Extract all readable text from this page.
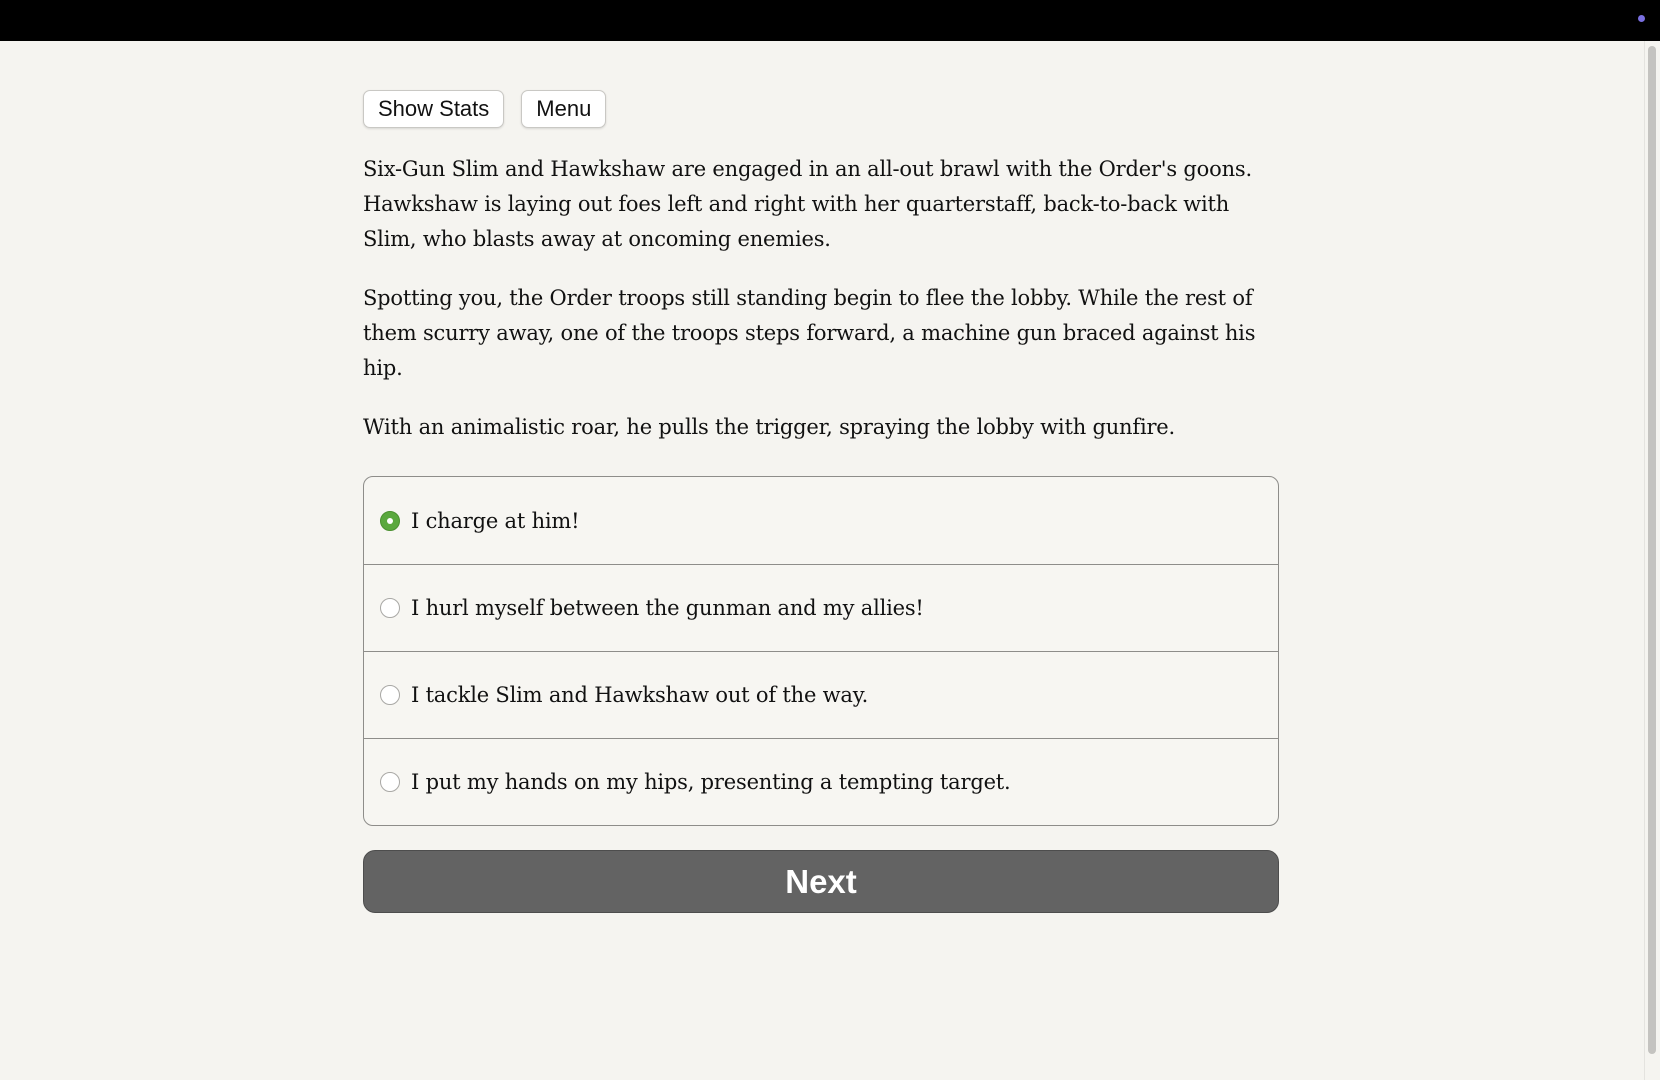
Show Stats	Menu

Six-Gun Slim and Hawkshaw are engaged in an all-out brawl with the Order's goons. Hawkshaw is laying out foes left and right with her quarterstaff, back-to-back with Slim, who blasts away at oncoming enemies.

Spotting you, the Order troops still standing begin to flee the lobby. While the rest of them scurry away, one of the troops steps forward, a machine gun braced against his hip.

With an animalistic roar, he pulls the trigger, spraying the lobby with gunfire.

I charge at him!
I hurl myself between the gunman and my allies!
I tackle Slim and Hawkshaw out of the way.
I put my hands on my hips, presenting a tempting target.
Next
